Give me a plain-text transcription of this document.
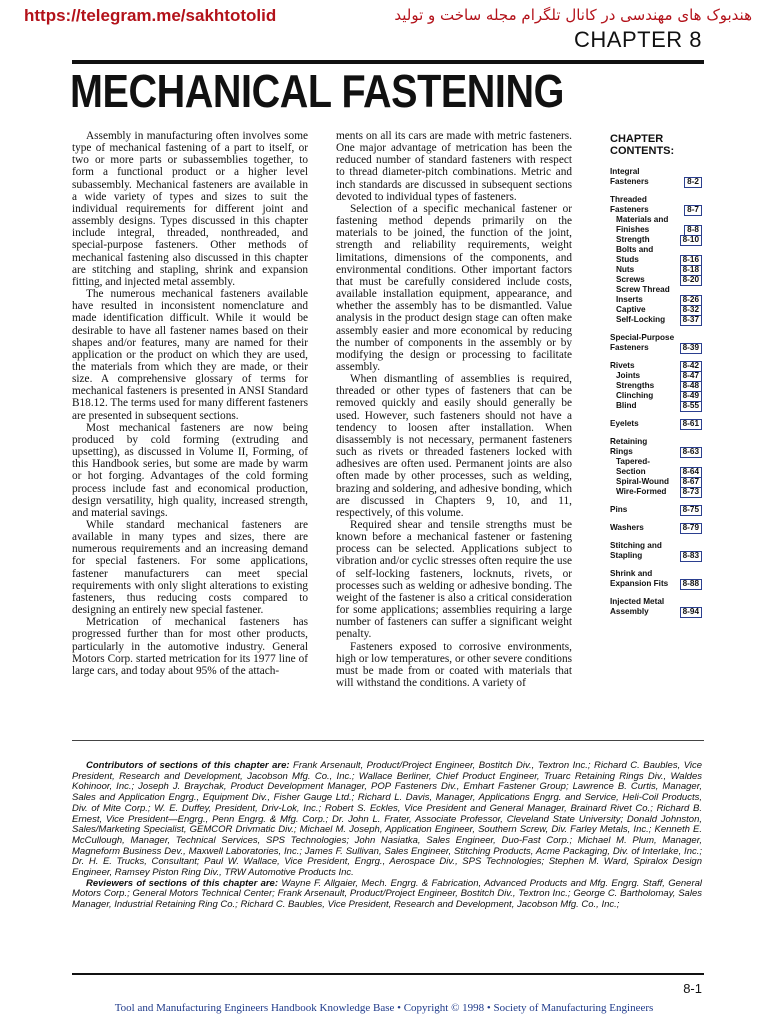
https://telegram.me/sakhtotolid	هندبوک های مهندسی در کانال تلگرام مجله ساخت و تولید
CHAPTER 8
MECHANICAL FASTENING

Assembly in manufacturing often involves some type of mechanical fastening of a part to itself, or two or more parts or subassemblies together, to form a functional product or a higher level subassembly. Mechanical fasteners are available in a wide variety of types and sizes to suit the individual requirements for different joint and assembly designs. Types discussed in this chapter include integral, threaded, nonthreaded, and special-purpose fasteners. Other methods of mechanical fastening also discussed in this chapter are stitching and stapling, shrink and expansion fitting, and injected metal assembly.

The numerous mechanical fasteners available have resulted in inconsistent nomenclature and made identification difficult. While it would be desirable to have all fastener names based on their shapes and/or features, many are named for their application or the product on which they are used, the materials from which they are made, or their size. A comprehensive glossary of terms for mechanical fasteners is presented in ANSI Standard B18.12. The terms used for many different fasteners are presented in subsequent sections.

Most mechanical fasteners are now being produced by cold forming (extruding and upsetting), as discussed in Volume II, Forming, of this Handbook series, but some are made by warm or hot forging. Advantages of the cold forming process include fast and economical production, design versatility, high quality, increased strength, and material savings.

While standard mechanical fasteners are available in many types and sizes, there are numerous requirements and an increasing demand for special fasteners. For some applications, fastener manufacturers can meet special requirements with only slight alterations to existing fasteners, thus reducing costs compared to designing an entirely new special fastener.

Metrication of mechanical fasteners has progressed further than for most other products, particularly in the automotive industry. General Motors Corp. started metrication for its 1977 line of large cars, and today about 95% of the attach-

ments on all its cars are made with metric fasteners. One major advantage of metrication has been the reduced number of standard fasteners with respect to thread diameter-pitch combinations. Metric and inch standards are discussed in subsequent sections devoted to individual types of fasteners.

Selection of a specific mechanical fastener or fastening method depends primarily on the materials to be joined, the function of the joint, strength and reliability requirements, weight limitations, dimensions of the components, and environmental conditions. Other important factors that must be carefully considered include costs, available installation equipment, appearance, and whether the assembly has to be dismantled. Value analysis in the product design stage can often make assembly easier and more economical by reducing the number of components in the assembly or by modifying the design or processing to facilitate assembly.

When dismantling of assemblies is required, threaded or other types of fasteners that can be removed quickly and easily should generally be used. However, such fasteners should not have a tendency to loosen after installation. When disassembly is not necessary, permanent fasteners such as rivets or threaded fasteners locked with adhesives are often used. Permanent joints are also often made by other processes, such as welding, brazing and soldering, and adhesive bonding, which are discussed in Chapters 9, 10, and 11, respectively, of this volume.

Required shear and tensile strengths must be known before a mechanical fastener or fastening process can be selected. Applications subject to vibration and/or cyclic stresses often require the use of self-locking fasteners, locknuts, rivets, or processes such as welding or adhesive bonding. The weight of the fastener is also a critical consideration for some applications; assemblies requiring a large number of fasteners can suffer a significant weight penalty.

Fasteners exposed to corrosive environments, high or low temperatures, or other severe conditions must be made from or coated with materials that will withstand the conditions. A variety of

CHAPTER CONTENTS:
Integral
Fasteners	8-2
Threaded
Fasteners	8-7
Materials and
Finishes	8-8
Strength	8-10
Bolts and
Studs	8-16
Nuts	8-18
Screws	8-20
Screw Thread
Inserts	8-26
Captive	8-32
Self-Locking	8-37
Special-Purpose
Fasteners	8-39
Rivets	8-42
Joints	8-47
Strengths	8-48
Clinching	8-49
Blind	8-55
Eyelets	8-61
Retaining
Rings	8-63
Tapered-
Section	8-64
Spiral-Wound	8-67
Wire-Formed	8-73
Pins	8-75
Washers	8-79
Stitching and
Stapling	8-83
Shrink and
Expansion Fits	8-88
Injected Metal
Assembly	8-94

Contributors of sections of this chapter are: Frank Arsenault, Product/Project Engineer, Bostitch Div., Textron Inc.; Richard C. Baubles, Vice President, Research and Development, Jacobson Mfg. Co., Inc.; Wallace Berliner, Chief Product Engineer, Truarc Retaining Rings Div., Waldes Kohinoor, Inc.; Joseph J. Braychak, Product Development Manager, POP Fasteners Div., Emhart Fastener Group; Lawrence B. Curtis, Manager, Sales and Application Engrg., Equipment Div., Fisher Gauge Ltd.; Richard L. Davis, Manager, Applications Engrg. and Service, Heli-Coil Products, Div. of Mite Corp.; W. E. Duffey, President, Driv-Lok, Inc.; Robert S. Eckles, Vice President and General Manager, Brainard Rivet Co.; Richard B. Ernest, Vice President—Engrg., Penn Engrg. & Mfg. Corp.; Dr. John L. Frater, Associate Professor, Cleveland State University; Donald Johnston, Sales/Marketing Specialist, GEMCOR Drivmatic Div.; Michael M. Joseph, Application Engineer, Southern Screw, Div. Farley Metals, Inc.; Kenneth E. McCullough, Manager, Technical Services, SPS Technologies; John Nasiatka, Sales Engineer, Duo-Fast Corp.; Michael M. Plum, Manager, Magneform Business Dev., Maxwell Laboratories, Inc.; James F. Sullivan, Sales Engineer, Stitching Products, Acme Packaging, Div. of Interlake, Inc.; Dr. H. E. Trucks, Consultant; Paul W. Wallace, Vice President, Engrg., Aerospace Div., SPS Technologies; Stephen M. Ward, Spiralox Design Engineer, Ramsey Piston Ring Div., TRW Automotive Products Inc.

Reviewers of sections of this chapter are: Wayne F. Allgaier, Mech. Engrg. & Fabrication, Advanced Products and Mfg. Engrg. Staff, General Motors Corp.; General Motors Technical Center; Frank Arsenault, Product/Project Engineer, Bostitch Div., Textron Inc.; George C. Bartholomay, Sales Manager, Industrial Retaining Ring Co.; Richard C. Baubles, Vice President, Research and Development, Jacobson Mfg. Co., Inc.;

8-1
Tool and Manufacturing Engineers Handbook Knowledge Base • Copyright © 1998 • Society of Manufacturing Engineers
